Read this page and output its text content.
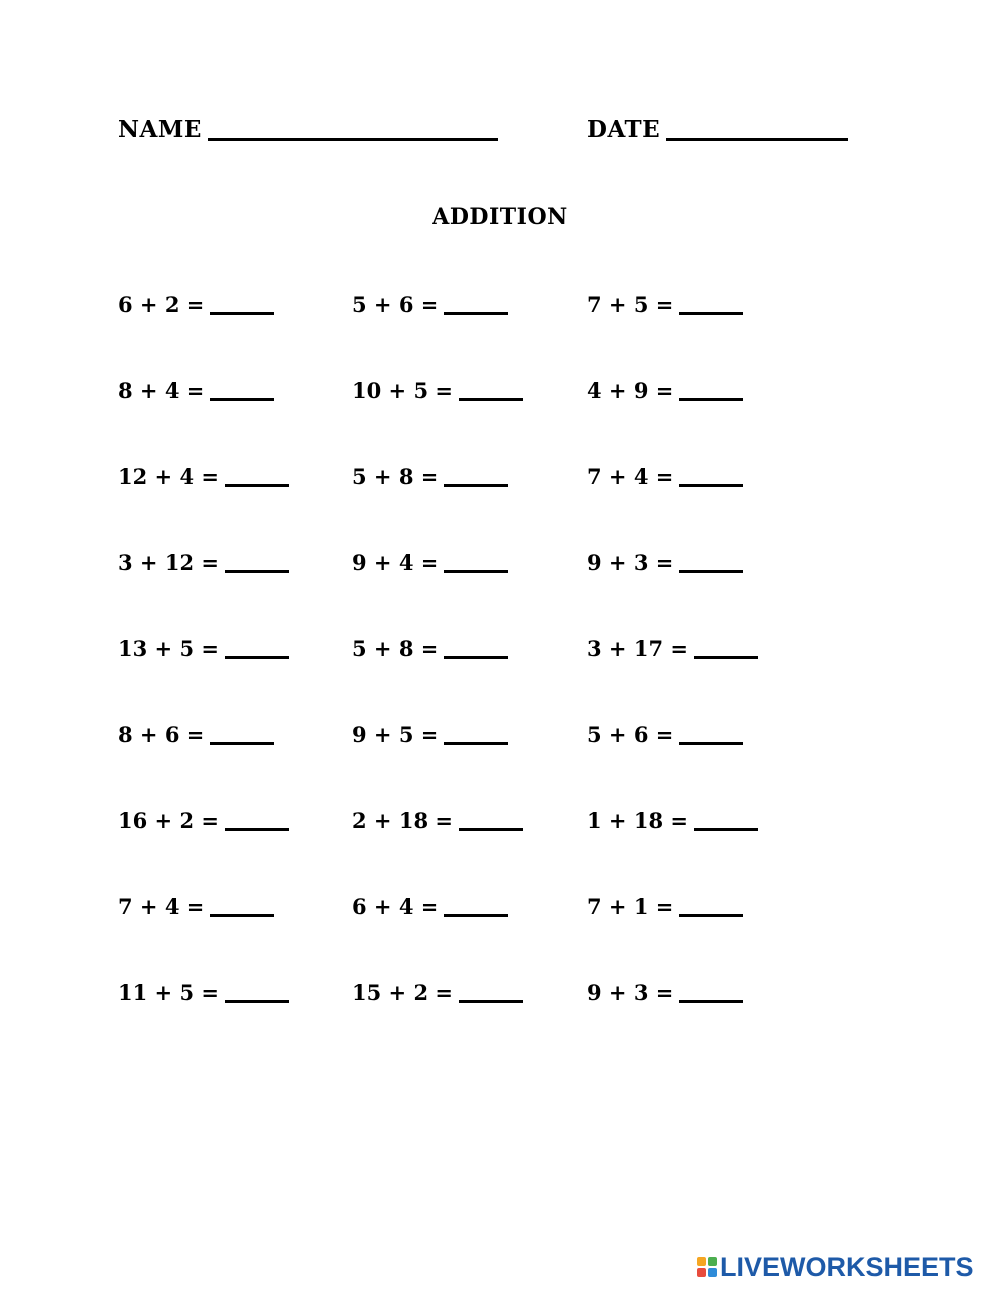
NAME	DATE
ADDITION
6 + 2 =	5 + 6 =	7 + 5 =
8 + 4 =	10 + 5 =	4 + 9 =
12 + 4 =	5 + 8 =	7 + 4 =
3 + 12 =	9 + 4 =	9 + 3 =
13 + 5 =	5 + 8 =	3 + 17 =
8 + 6 =	9 + 5 =	5 + 6 =
16 + 2 =	2 + 18 =	1 + 18 =
7 + 4 =	6 + 4 =	7 + 1 =
11 + 5 =	15 + 2 =	9 + 3 =
LIVEWORKSHEETS
